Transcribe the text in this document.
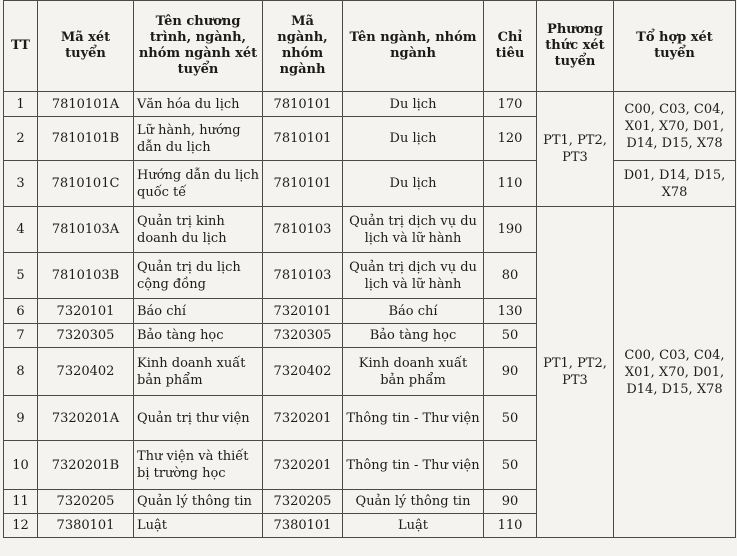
TT	Mã xét tuyển	Tên chương trình, ngành, nhóm ngành xét tuyển	Mã ngành, nhóm ngành	Tên ngành, nhóm ngành	Chỉ tiêu	Phương thức xét tuyển	Tổ hợp xét tuyển
1	7810101A	Văn hóa du lịch	7810101	Du lịch	170	PT1, PT2, PT3	C00, C03, C04, X01, X70, D01, D14, D15, X78
2	7810101B	Lữ hành, hướng dẫn du lịch	7810101	Du lịch	120		
3	7810101C	Hướng dẫn du lịch quốc tế	7810101	Du lịch	110		D01, D14, D15, X78
4	7810103A	Quản trị kinh doanh du lịch	7810103	Quản trị dịch vụ du lịch và lữ hành	190	PT1, PT2, PT3	C00, C03, C04, X01, X70, D01, D14, D15, X78
5	7810103B	Quản trị du lịch cộng đồng	7810103	Quản trị dịch vụ du lịch và lữ hành	80		
6	7320101	Báo chí	7320101	Báo chí	130		
7	7320305	Bảo tàng học	7320305	Bảo tàng học	50		
8	7320402	Kinh doanh xuất bản phẩm	7320402	Kinh doanh xuất bản phẩm	90		
9	7320201A	Quản trị thư viện	7320201	Thông tin - Thư viện	50		
10	7320201B	Thư viện và thiết bị trường học	7320201	Thông tin - Thư viện	50		
11	7320205	Quản lý thông tin	7320205	Quản lý thông tin	90		
12	7380101	Luật	7380101	Luật	110		
